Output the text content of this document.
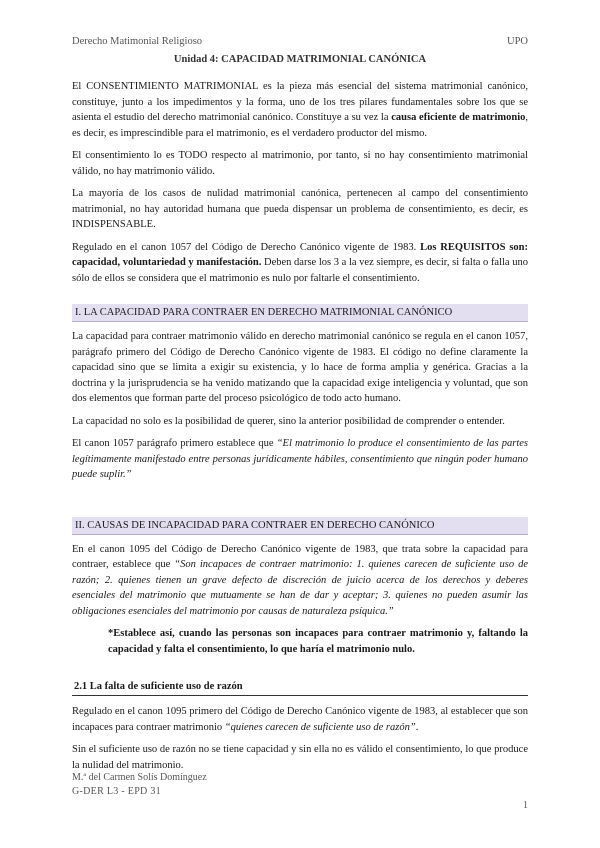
Derecho Matimonial Religioso	UPO
Unidad 4: CAPACIDAD MATRIMONIAL CANÓNICA

El CONSENTIMIENTO MATRIMONIAL es la pieza más esencial del sistema matrimonial canónico, constituye, junto a los impedimentos y la forma, uno de los tres pilares fundamentales sobre los que se asienta el estudio del derecho matrimonial canónico. Constituye a su vez la causa eficiente de matrimonio, es decir, es imprescindible para el matrimonio, es el verdadero productor del mismo.

El consentimiento lo es TODO respecto al matrimonio, por tanto, si no hay consentimiento matrimonial válido, no hay matrimonio válido.

La mayoría de los casos de nulidad matrimonial canónica, pertenecen al campo del consentimiento matrimonial, no hay autoridad humana que pueda dispensar un problema de consentimiento, es decir, es INDISPENSABLE.

Regulado en el canon 1057 del Código de Derecho Canónico vigente de 1983. Los REQUISITOS son: capacidad, voluntariedad y manifestación. Deben darse los 3 a la vez siempre, es decir, si falta o falla uno sólo de ellos se considera que el matrimonio es nulo por faltarle el consentimiento.

I. LA CAPACIDAD PARA CONTRAER EN DERECHO MATRIMONIAL CANÓNICO

La capacidad para contraer matrimonio válido en derecho matrimonial canónico se regula en el canon 1057, parágrafo primero del Código de Derecho Canónico vigente de 1983. El código no define claramente la capacidad sino que se limita a exigir su existencia, y lo hace de forma amplia y genérica. Gracias a la doctrina y la jurisprudencia se ha venido matizando que la capacidad exige inteligencia y voluntad, que son dos elementos que forman parte del proceso psicológico de todo acto humano.

La capacidad no solo es la posibilidad de querer, sino la anterior posibilidad de comprender o entender.

El canon 1057 parágrafo primero establece que “El matrimonio lo produce el consentimiento de las partes legítimamente manifestado entre personas jurídicamente hábiles, consentimiento que ningún poder humano puede suplir.”

II. CAUSAS DE INCAPACIDAD PARA CONTRAER EN DERECHO CANÓNICO

En el canon 1095 del Código de Derecho Canónico vigente de 1983, que trata sobre la capacidad para contraer, establece que “Son incapaces de contraer matrimonio: 1. quienes carecen de suficiente uso de razón; 2. quienes tienen un grave defecto de discreción de juicio acerca de los derechos y deberes esenciales del matrimonio que mutuamente se han de dar y aceptar; 3. quienes no pueden asumir las obligaciones esenciales del matrimonio por causas de naturaleza psíquica.”

*Establece así, cuando las personas son incapaces para contraer matrimonio y, faltando la capacidad y falta el consentimiento, lo que haría el matrimonio nulo.

2.1 La falta de suficiente uso de razón

Regulado en el canon 1095 primero del Código de Derecho Canónico vigente de 1983, al establecer que son incapaces para contraer matrimonio “quienes carecen de suficiente uso de razón”.

Sin el suficiente uso de razón no se tiene capacidad y sin ella no es válido el consentimiento, lo que produce la nulidad del matrimonio.

M.ª del Carmen Solís Domínguez
G-DER L3 - EPD 31
1
